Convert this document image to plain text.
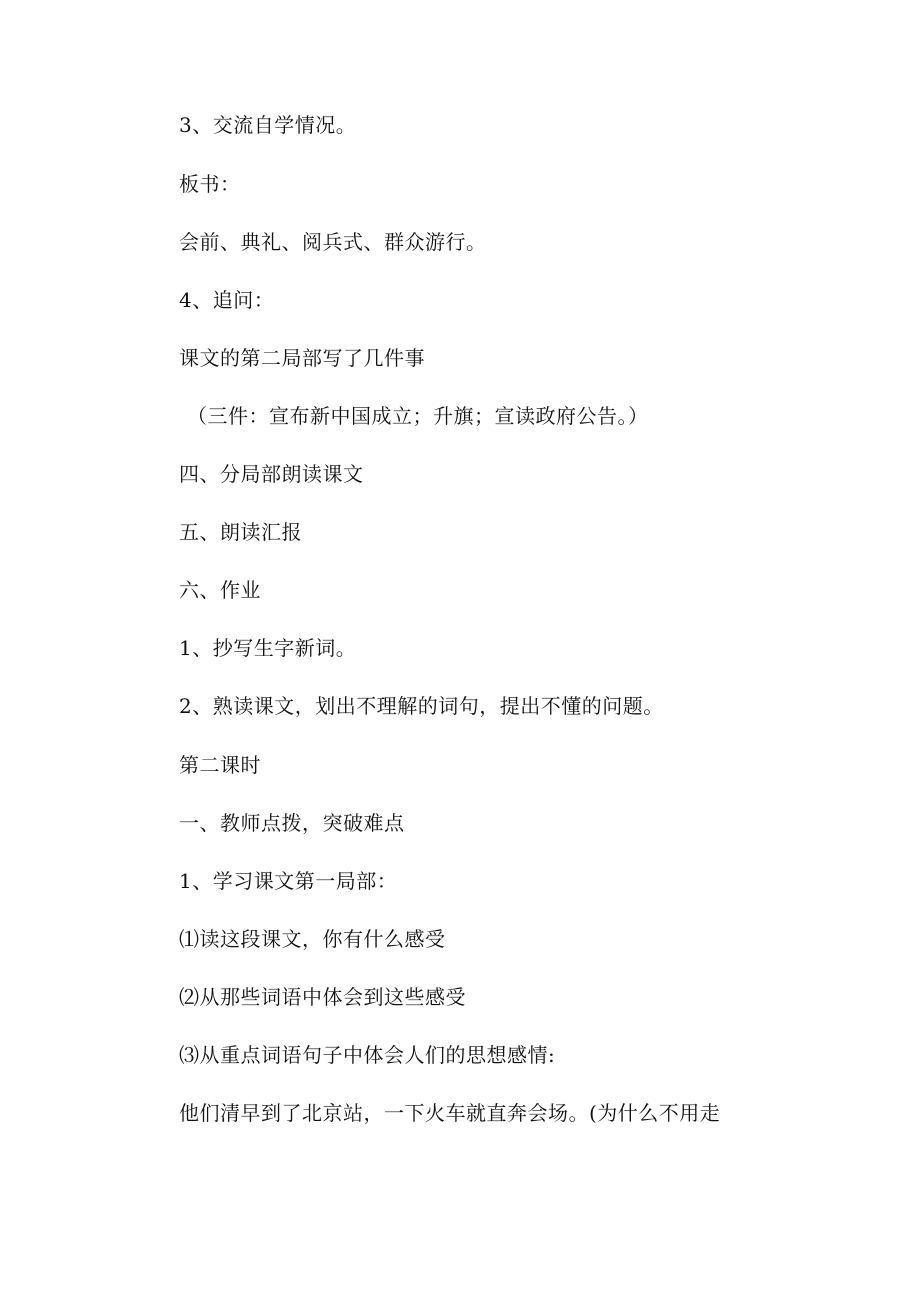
3、交流自学情况。
板书：
会前、典礼、阅兵式、群众游行。
4、追问：
课文的第二局部写了几件事
（三件：宣布新中国成立；升旗；宣读政府公告。）
四、分局部朗读课文
五、朗读汇报
六、作业
1、抄写生字新词。
2、熟读课文，划出不理解的词句，提出不懂的问题。
第二课时
一、教师点拨，突破难点
1、学习课文第一局部：
⑴读这段课文，你有什么感受
⑵从那些词语中体会到这些感受
⑶从重点词语句子中体会人们的思想感情:
他们清早到了北京站，一下火车就直奔会场。(为什么不用走
